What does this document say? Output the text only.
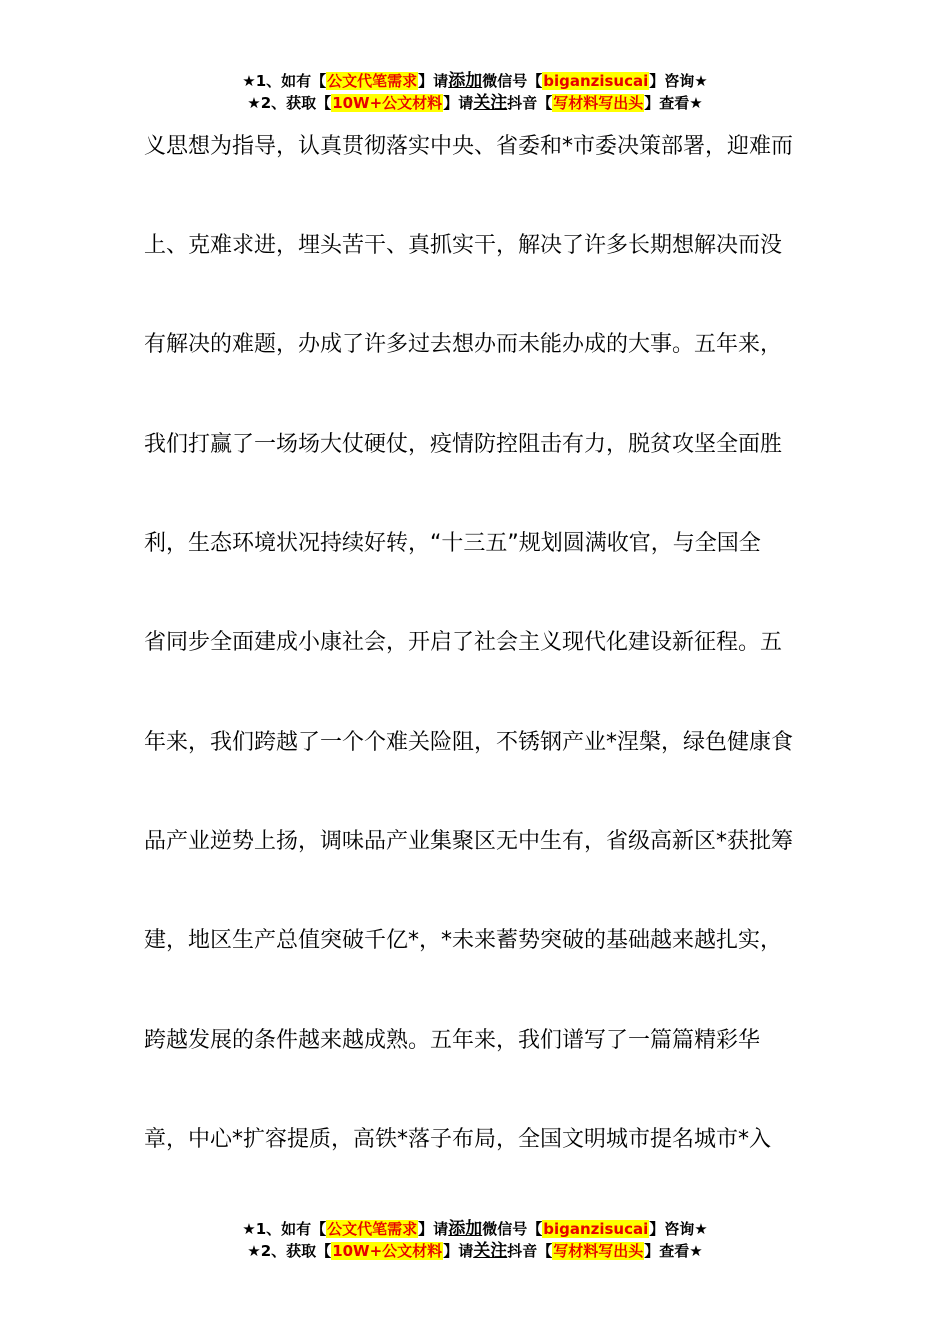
★1、如有【公文代笔需求】请添加微信号【biganzisucai】咨询★
★2、获取【10W+公文材料】请关注抖音【写材料写出头】查看★
义思想为指导，认真贯彻落实中央、省委和*市委决策部署，迎难而
上、克难求进，埋头苦干、真抓实干，解决了许多长期想解决而没
有解决的难题，办成了许多过去想办而未能办成的大事。五年来，
我们打赢了一场场大仗硬仗，疫情防控阻击有力，脱贫攻坚全面胜
利，生态环境状况持续好转，“十三五”规划圆满收官，与全国全
省同步全面建成小康社会，开启了社会主义现代化建设新征程。五
年来，我们跨越了一个个难关险阻，不锈钢产业*涅槃，绿色健康食
品产业逆势上扬，调味品产业集聚区无中生有，省级高新区*获批筹
建，地区生产总值突破千亿*，*未来蓄势突破的基础越来越扎实，
跨越发展的条件越来越成熟。五年来，我们谱写了一篇篇精彩华
章，中心*扩容提质，高铁*落子布局，全国文明城市提名城市*入
★1、如有【公文代笔需求】请添加微信号【biganzisucai】咨询★
★2、获取【10W+公文材料】请关注抖音【写材料写出头】查看★
